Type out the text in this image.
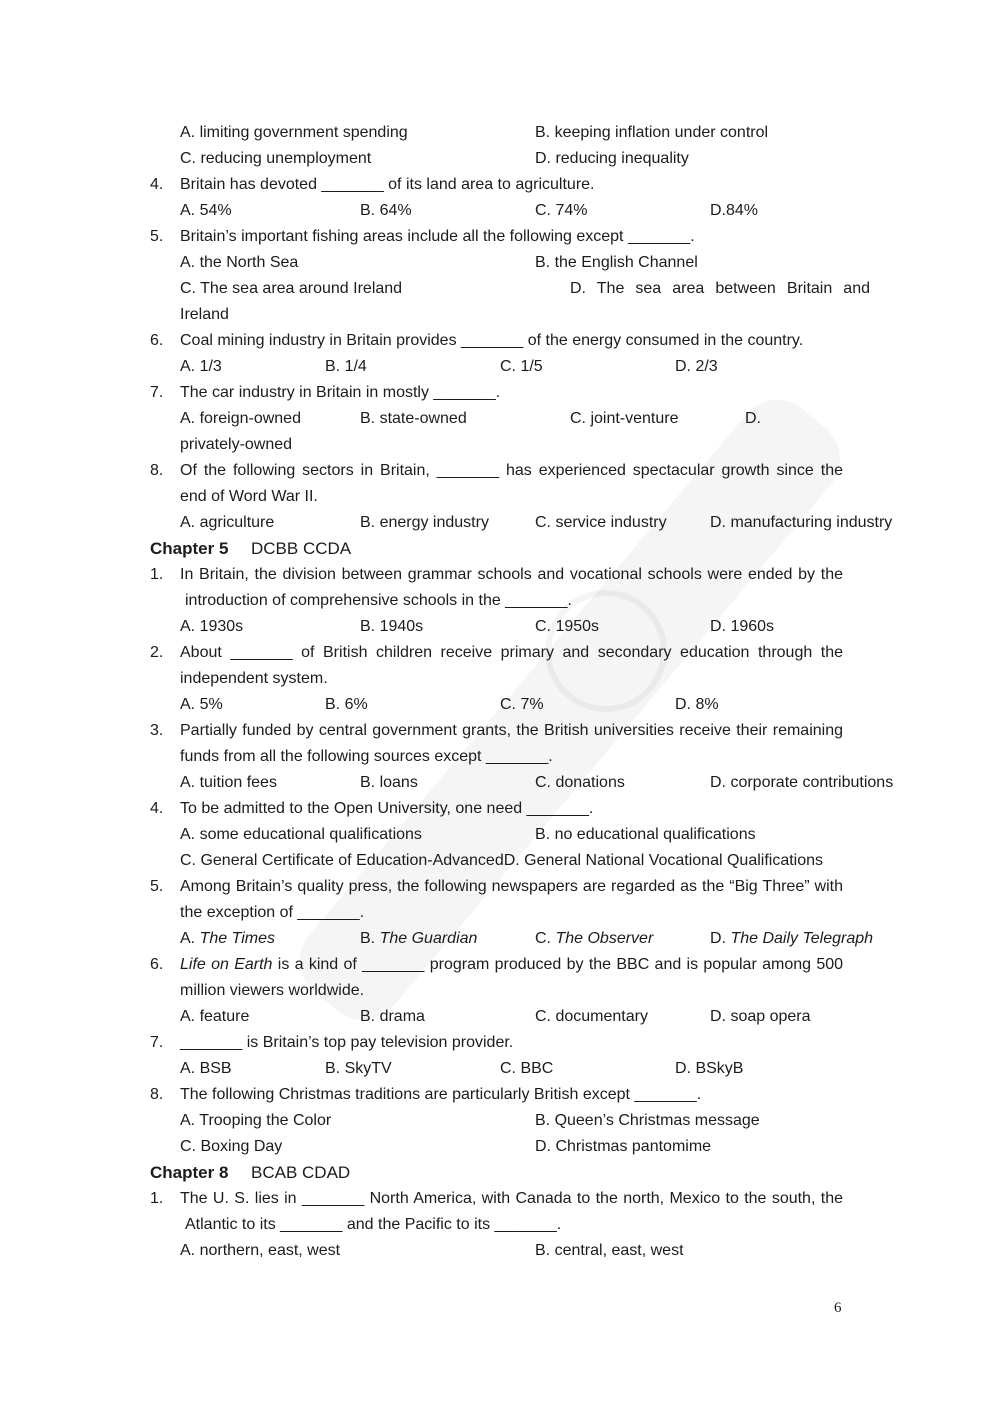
A. limiting government spending	B. keeping inflation under control
C. reducing unemployment	D. reducing inequality
4. Britain has devoted _______ of its land area to agriculture.
A. 54%	B. 64%	C. 74%	D.84%
5. Britain’s important fishing areas include all the following except _______.
A. the North Sea	B. the English Channel
C. The sea area around Ireland	D. The sea area between Britain and
Ireland
6. Coal mining industry in Britain provides _______ of the energy consumed in the country.
A. 1/3	B. 1/4	C. 1/5	D. 2/3
7. The car industry in Britain in mostly _______.
A. foreign-owned	B. state-owned	C. joint-venture	D.
privately-owned
8. Of the following sectors in Britain, _______ has experienced spectacular growth since the
end of Word War II.
A. agriculture	B. energy industry	C. service industry	D. manufacturing industry
Chapter 5 DCBB CCDA
1. In Britain, the division between grammar schools and vocational schools were ended by the
introduction of comprehensive schools in the _______.
A. 1930s	B. 1940s	C. 1950s	D. 1960s
2. About _______ of British children receive primary and secondary education through the
independent system.
A. 5%	B. 6%	C. 7%	D. 8%
3. Partially funded by central government grants, the British universities receive their remaining
funds from all the following sources except _______.
A. tuition fees	B. loans	C. donations	D. corporate contributions
4. To be admitted to the Open University, one need _______.
A. some educational qualifications	B. no educational qualifications
C. General Certificate of Education-AdvancedD. General National Vocational Qualifications
5. Among Britain’s quality press, the following newspapers are regarded as the “Big Three” with
the exception of _______.
A. The Times	B. The Guardian	C. The Observer	D. The Daily Telegraph
6. Life on Earth is a kind of _______ program produced by the BBC and is popular among 500
million viewers worldwide.
A. feature	B. drama	C. documentary	D. soap opera
7. _______ is Britain’s top pay television provider.
A. BSB	B. SkyTV	C. BBC	D. BSkyB
8. The following Christmas traditions are particularly British except _______.
A. Trooping the Color	B. Queen’s Christmas message
C. Boxing Day	D. Christmas pantomime
Chapter 8 BCAB CDAD
1. The U. S. lies in _______ North America, with Canada to the north, Mexico to the south, the
Atlantic to its _______ and the Pacific to its _______.
A. northern, east, west	B. central, east, west
6
